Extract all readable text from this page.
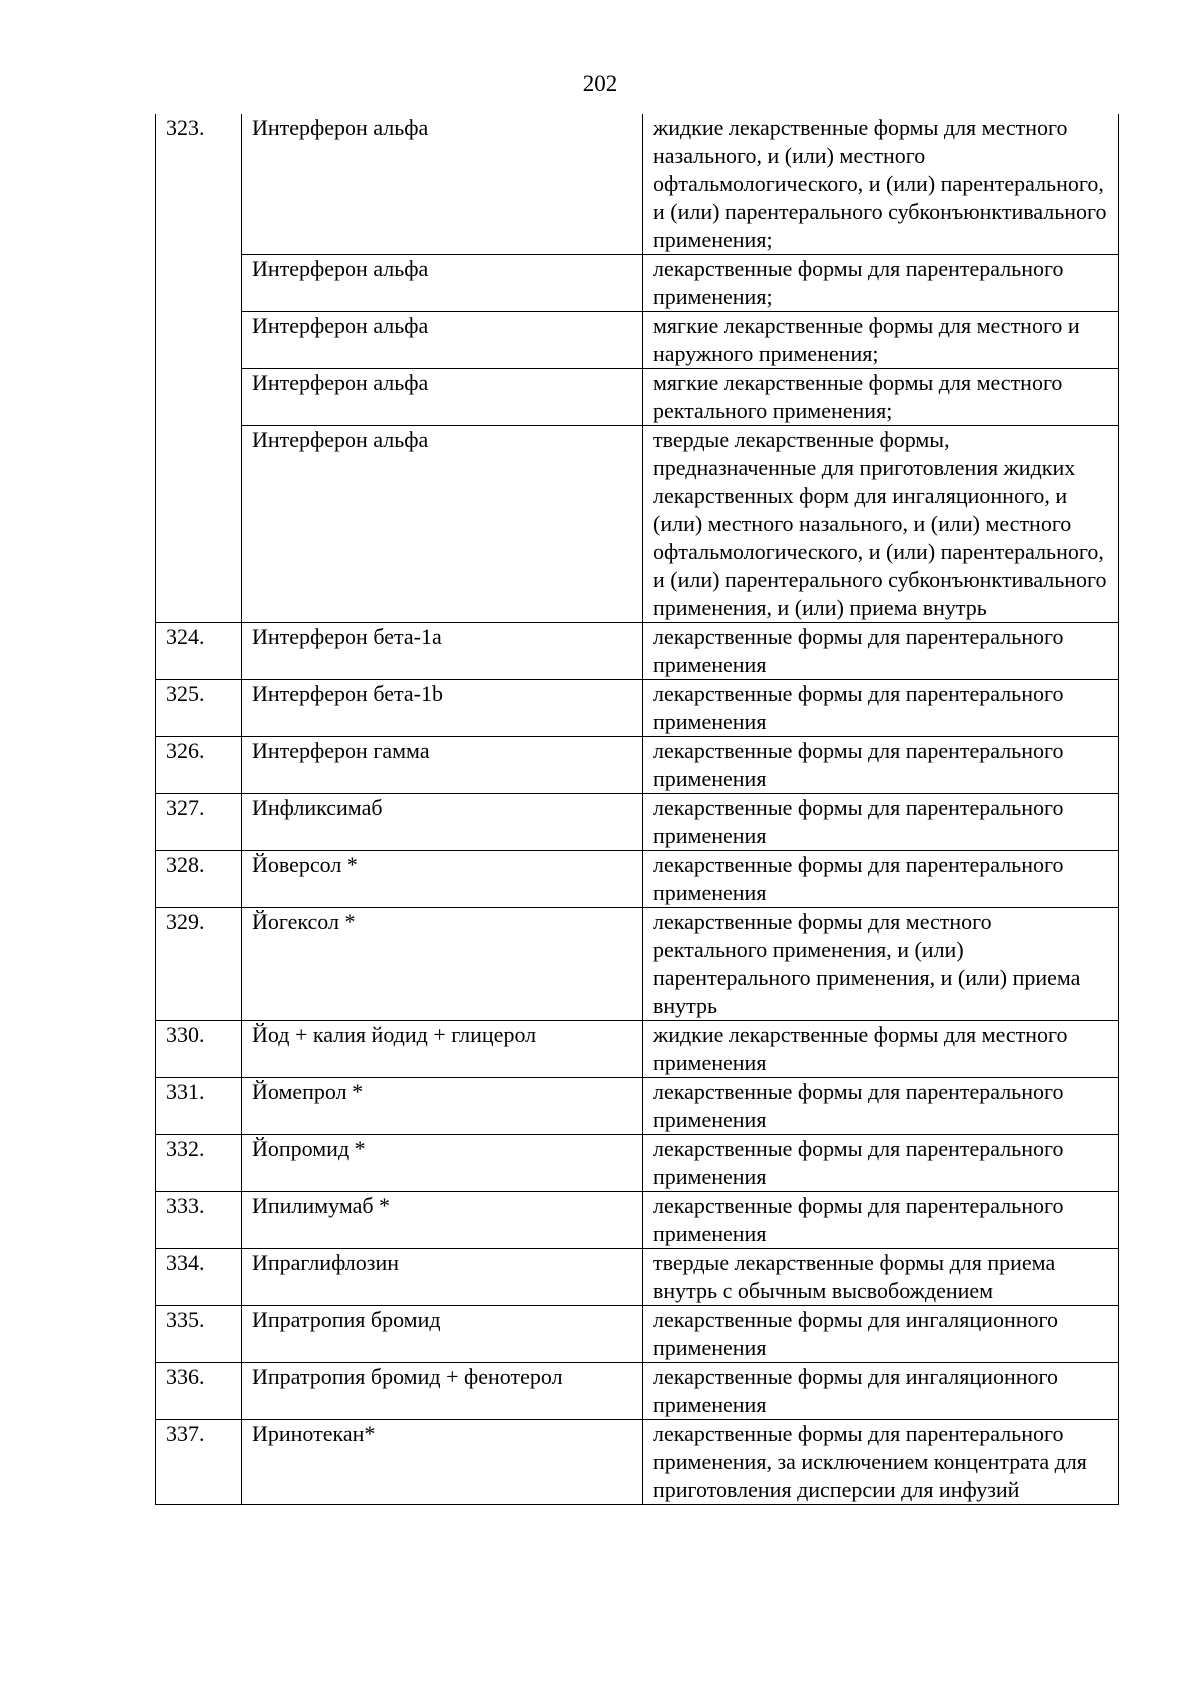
202
323.	Интерферон альфа	жидкие лекарственные формы для местного назального, и (или) местного офтальмологического, и (или) парентерального, и (или) парентерального субконъюнктивального применения;
	Интерферон альфа	лекарственные формы для парентерального применения;
	Интерферон альфа	мягкие лекарственные формы для местного и наружного применения;
	Интерферон альфа	мягкие лекарственные формы для местного ректального применения;
	Интерферон альфа	твердые лекарственные формы, предназначенные для приготовления жидких лекарственных форм для ингаляционного, и (или) местного назального, и (или) местного офтальмологического, и (или) парентерального, и (или) парентерального субконъюнктивального применения, и (или) приема внутрь
324.	Интерферон бета-1а	лекарственные формы для парентерального применения
325.	Интерферон бета-1b	лекарственные формы для парентерального применения
326.	Интерферон гамма	лекарственные формы для парентерального применения
327.	Инфликсимаб	лекарственные формы для парентерального применения
328.	Йоверсол *	лекарственные формы для парентерального применения
329.	Йогексол *	лекарственные формы для местного ректального применения, и (или) парентерального применения, и (или) приема внутрь
330.	Йод + калия йодид + глицерол	жидкие лекарственные формы для местного применения
331.	Йомепрол *	лекарственные формы для парентерального применения
332.	Йопромид *	лекарственные формы для парентерального применения
333.	Ипилимумаб *	лекарственные формы для парентерального применения
334.	Ипраглифлозин	твердые лекарственные формы для приема внутрь с обычным высвобождением
335.	Ипратропия бромид	лекарственные формы для ингаляционного применения
336.	Ипратропия бромид + фенотерол	лекарственные формы для ингаляционного применения
337.	Иринотекан*	лекарственные формы для парентерального применения, за исключением концентрата для приготовления дисперсии для инфузий
